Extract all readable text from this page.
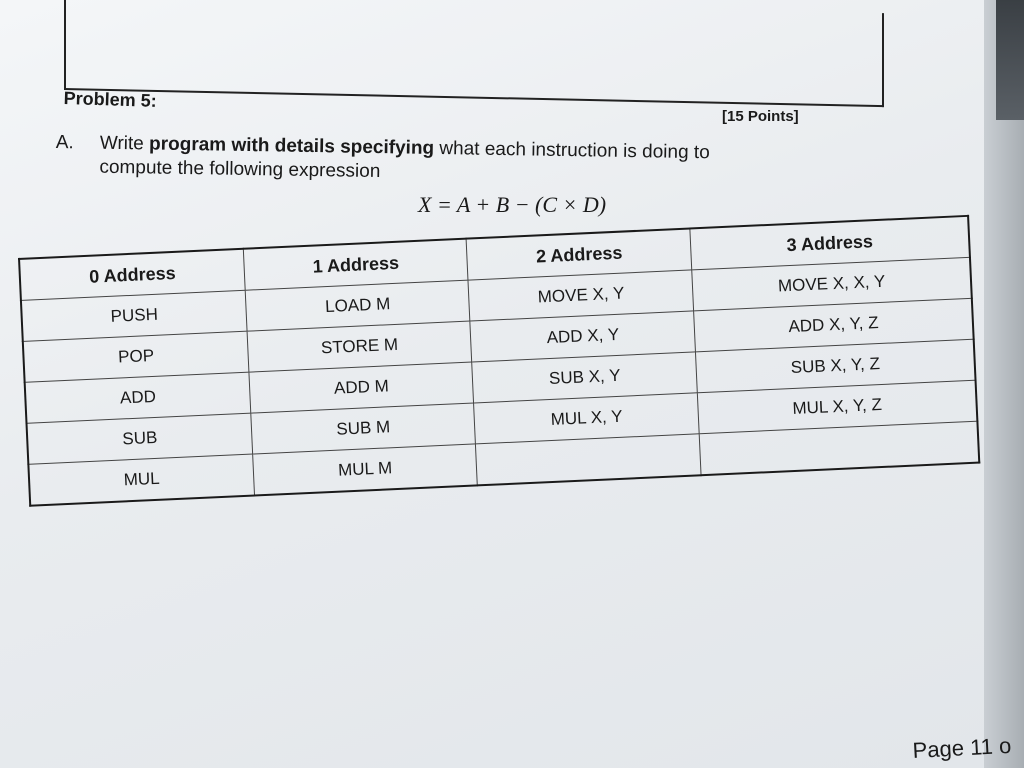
Problem 5:
[15 Points]
A. Write program with details specifying what each instruction is doing to
compute the following expression
X = A + B − (C × D)
0 Address	1 Address	2 Address	3 Address
PUSH	LOAD M	MOVE X, Y	MOVE X, X, Y
POP	STORE M	ADD X, Y	ADD X, Y, Z
ADD	ADD M	SUB X, Y	SUB X, Y, Z
SUB	SUB M	MUL X, Y	MUL X, Y, Z
MUL	MUL M		
Page 11 o
